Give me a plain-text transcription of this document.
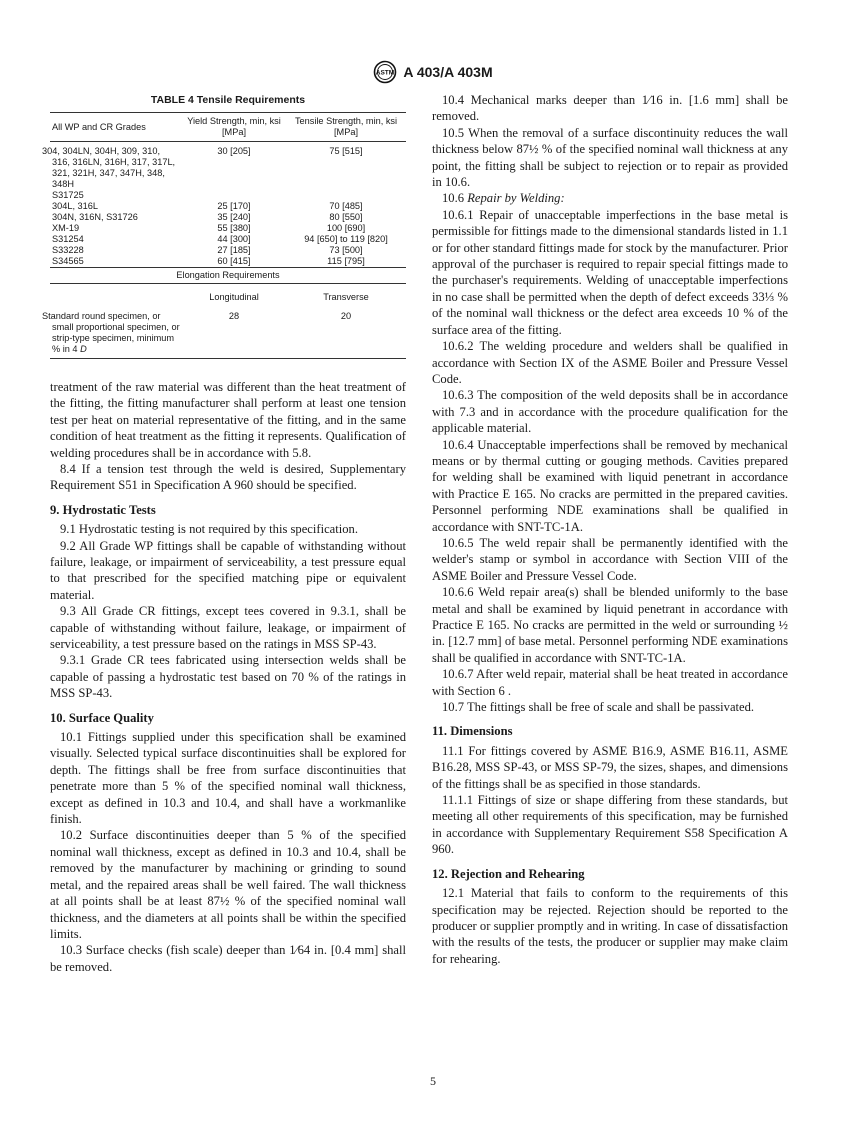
ASTM A 403/A 403M
TABLE 4 Tensile Requirements
All WP and CR Grades	Yield Strength, min, ksi [MPa]	Tensile Strength, min, ksi [MPa]

304, 304LN, 304H, 309, 310, 316, 316LN, 316H, 317, 317L, 321, 321H, 347, 347H, 348, 348H	30 [205]	75 [515]
S31725		
304L, 316L	25 [170]	70 [485]
304N, 316N, S31726	35 [240]	80 [550]
XM-19	55 [380]	100 [690]
S31254	44 [300]	94 [650] to 119 [820]
S33228	27 [185]	73 [500]
S34565	60 [415]	115 [795]
Elongation Requirements		

	Longitudinal	Transverse

Standard round specimen, or small proportional specimen, or strip-type specimen, minimum % in 4 D	28	20

treatment of the raw material was different than the heat treatment of the fitting, the fitting manufacturer shall perform at least one tension test per heat on material representative of the fitting, and in the same condition of heat treatment as the fitting it represents. Qualification of welding procedures shall be in accordance with 5.8.

8.4 If a tension test through the weld is desired, Supplementary Requirement S51 in Specification A 960 should be specified.

9. Hydrostatic Tests

9.1 Hydrostatic testing is not required by this specification.

9.2 All Grade WP fittings shall be capable of withstanding without failure, leakage, or impairment of serviceability, a test pressure equal to that prescribed for the specified matching pipe or equivalent material.

9.3 All Grade CR fittings, except tees covered in 9.3.1, shall be capable of withstanding without failure, leakage, or impairment of serviceability, a test pressure based on the ratings in MSS SP-43.

9.3.1 Grade CR tees fabricated using intersection welds shall be capable of passing a hydrostatic test based on 70 % of the ratings in MSS SP-43.

10. Surface Quality

10.1 Fittings supplied under this specification shall be examined visually. Selected typical surface discontinuities shall be explored for depth. The fittings shall be free from surface discontinuities that penetrate more than 5 % of the specified nominal wall thickness, except as defined in 10.3 and 10.4, and shall have a workmanlike finish.

10.2 Surface discontinuities deeper than 5 % of the specified nominal wall thickness, except as defined in 10.3 and 10.4, shall be removed by the manufacturer by machining or grinding to sound metal, and the repaired areas shall be well faired. The wall thickness at all points shall be at least 87½ % of the specified nominal wall thickness, and the diameters at all points shall be within the specified limits.

10.3 Surface checks (fish scale) deeper than 1⁄64 in. [0.4 mm] shall be removed.

10.4 Mechanical marks deeper than 1⁄16 in. [1.6 mm] shall be removed.

10.5 When the removal of a surface discontinuity reduces the wall thickness below 87½ % of the specified nominal wall thickness at any point, the fitting shall be subject to rejection or to repair as provided in 10.6.

10.6 Repair by Welding:

10.6.1 Repair of unacceptable imperfections in the base metal is permissible for fittings made to the dimensional standards listed in 1.1 or for other standard fittings made for stock by the manufacturer. Prior approval of the purchaser is required to repair special fittings made to the purchaser's requirements. Welding of unacceptable imperfections in no case shall be permitted when the depth of defect exceeds 33⅓ % of the nominal wall thickness or the defect area exceeds 10 % of the surface area of the fitting.

10.6.2 The welding procedure and welders shall be qualified in accordance with Section IX of the ASME Boiler and Pressure Vessel Code.

10.6.3 The composition of the weld deposits shall be in accordance with 7.3 and in accordance with the procedure qualification for the applicable material.

10.6.4 Unacceptable imperfections shall be removed by mechanical means or by thermal cutting or gouging methods. Cavities prepared for welding shall be examined with liquid penetrant in accordance with Practice E 165. No cracks are permitted in the prepared cavities. Personnel performing NDE examinations shall be qualified in accordance with SNT-TC-1A.

10.6.5 The weld repair shall be permanently identified with the welder's stamp or symbol in accordance with Section VIII of the ASME Boiler and Pressure Vessel Code.

10.6.6 Weld repair area(s) shall be blended uniformly to the base metal and shall be examined by liquid penetrant in accordance with Practice E 165. No cracks are permitted in the weld or surrounding ½ in. [12.7 mm] of base metal. Personnel performing NDE examinations shall be qualified in accordance with SNT-TC-1A.

10.6.7 After weld repair, material shall be heat treated in accordance with Section 6 .

10.7 The fittings shall be free of scale and shall be passivated.

11. Dimensions

11.1 For fittings covered by ASME B16.9, ASME B16.11, ASME B16.28, MSS SP-43, or MSS SP-79, the sizes, shapes, and dimensions of the fittings shall be as specified in those standards.

11.1.1 Fittings of size or shape differing from these standards, but meeting all other requirements of this specification, may be furnished in accordance with Supplementary Requirement S58 Specification A 960.

12. Rejection and Rehearing

12.1 Material that fails to conform to the requirements of this specification may be rejected. Rejection should be reported to the producer or supplier promptly and in writing. In case of dissatisfaction with the results of the tests, the producer or supplier may make claim for rehearing.

5
